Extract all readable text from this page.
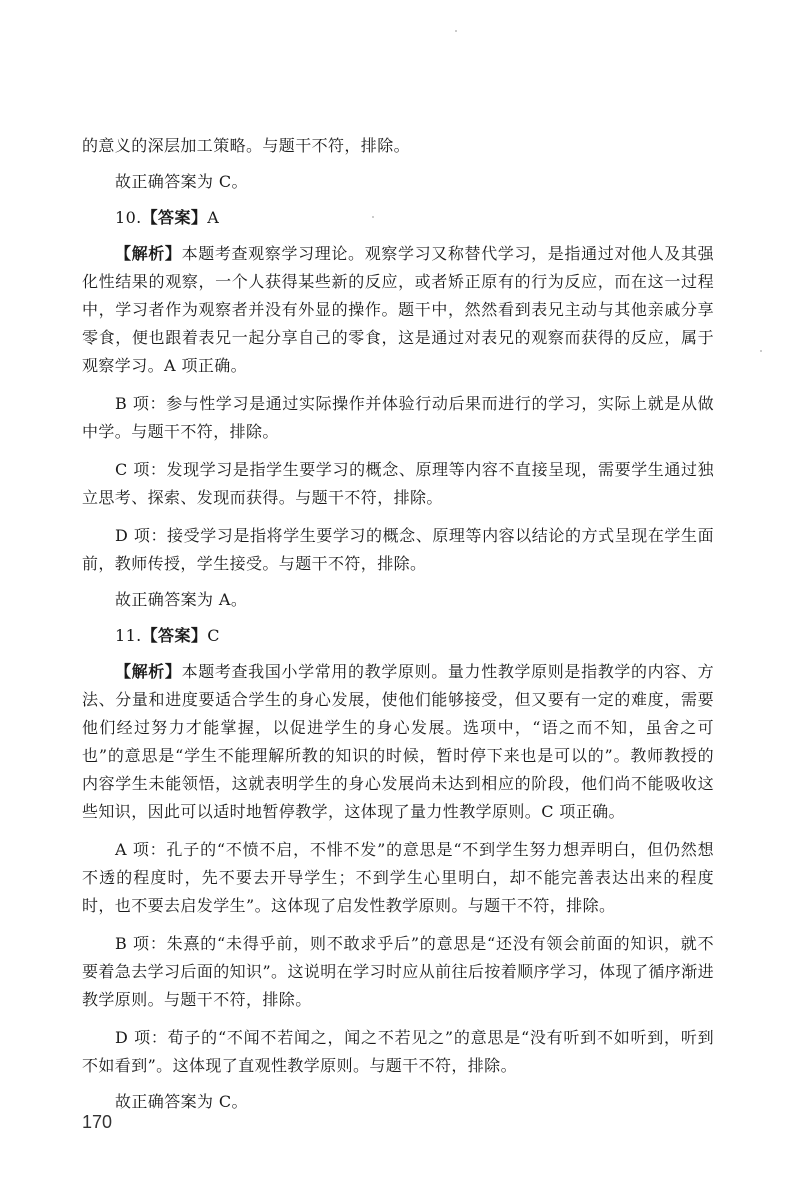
的意义的深层加工策略。与题干不符，排除。

故正确答案为 C。

10.【答案】A

【解析】本题考查观察学习理论。观察学习又称替代学习，是指通过对他人及其强化性结果的观察，一个人获得某些新的反应，或者矫正原有的行为反应，而在这一过程中，学习者作为观察者并没有外显的操作。题干中，然然看到表兄主动与其他亲戚分享零食，便也跟着表兄一起分享自己的零食，这是通过对表兄的观察而获得的反应，属于观察学习。A 项正确。

B 项：参与性学习是通过实际操作并体验行动后果而进行的学习，实际上就是从做中学。与题干不符，排除。

C 项：发现学习是指学生要学习的概念、原理等内容不直接呈现，需要学生通过独立思考、探索、发现而获得。与题干不符，排除。

D 项：接受学习是指将学生要学习的概念、原理等内容以结论的方式呈现在学生面前，教师传授，学生接受。与题干不符，排除。

故正确答案为 A。

11.【答案】C

【解析】本题考查我国小学常用的教学原则。量力性教学原则是指教学的内容、方法、分量和进度要适合学生的身心发展，使他们能够接受，但又要有一定的难度，需要他们经过努力才能掌握，以促进学生的身心发展。选项中，“语之而不知，虽舍之可也”的意思是“学生不能理解所教的知识的时候，暂时停下来也是可以的”。教师教授的内容学生未能领悟，这就表明学生的身心发展尚未达到相应的阶段，他们尚不能吸收这些知识，因此可以适时地暂停教学，这体现了量力性教学原则。C 项正确。

A 项：孔子的“不愤不启，不悱不发”的意思是“不到学生努力想弄明白，但仍然想不透的程度时，先不要去开导学生；不到学生心里明白，却不能完善表达出来的程度时，也不要去启发学生”。这体现了启发性教学原则。与题干不符，排除。

B 项：朱熹的“未得乎前，则不敢求乎后”的意思是“还没有领会前面的知识，就不要着急去学习后面的知识”。这说明在学习时应从前往后按着顺序学习，体现了循序渐进教学原则。与题干不符，排除。

D 项：荀子的“不闻不若闻之，闻之不若见之”的意思是“没有听到不如听到，听到不如看到”。这体现了直观性教学原则。与题干不符，排除。

故正确答案为 C。

170
